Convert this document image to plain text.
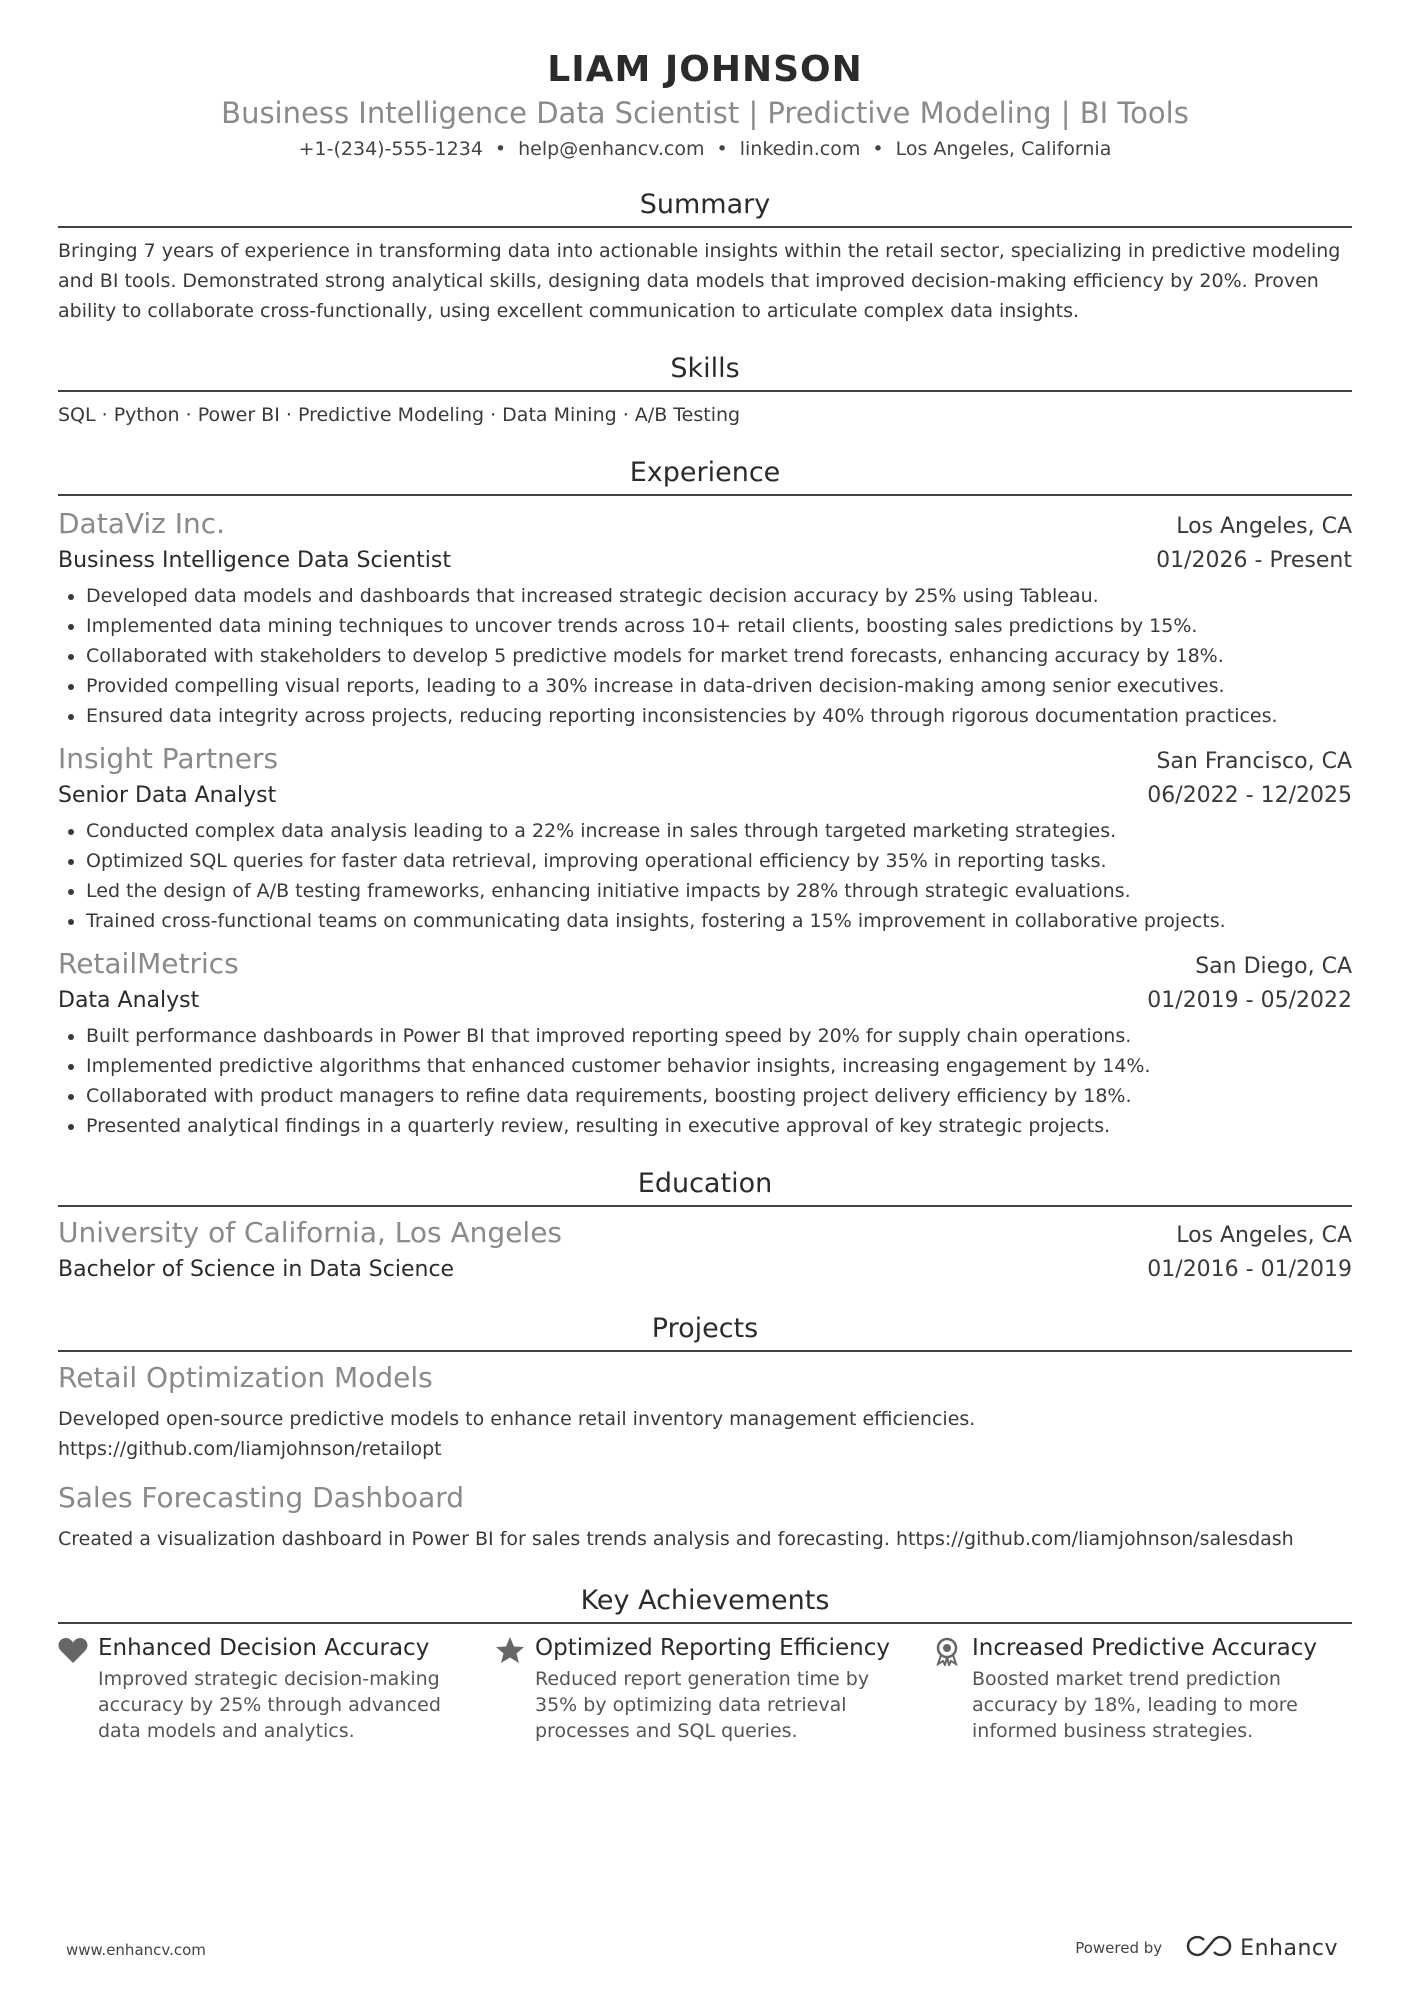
LIAM JOHNSON
Business Intelligence Data Scientist | Predictive Modeling | BI Tools
+1-(234)-555-1234 • help@enhancv.com • linkedin.com • Los Angeles, California
Summary
Bringing 7 years of experience in transforming data into actionable insights within the retail sector, specializing in predictive modeling and BI tools. Demonstrated strong analytical skills, designing data models that improved decision-making efficiency by 20%. Proven ability to collaborate cross-functionally, using excellent communication to articulate complex data insights.
Skills
SQL · Python · Power BI · Predictive Modeling · Data Mining · A/B Testing
Experience
DataViz Inc.	Los Angeles, CA
Business Intelligence Data Scientist	01/2026 - Present
• Developed data models and dashboards that increased strategic decision accuracy by 25% using Tableau.
• Implemented data mining techniques to uncover trends across 10+ retail clients, boosting sales predictions by 15%.
• Collaborated with stakeholders to develop 5 predictive models for market trend forecasts, enhancing accuracy by 18%.
• Provided compelling visual reports, leading to a 30% increase in data-driven decision-making among senior executives.
• Ensured data integrity across projects, reducing reporting inconsistencies by 40% through rigorous documentation practices.
Insight Partners	San Francisco, CA
Senior Data Analyst	06/2022 - 12/2025
• Conducted complex data analysis leading to a 22% increase in sales through targeted marketing strategies.
• Optimized SQL queries for faster data retrieval, improving operational efficiency by 35% in reporting tasks.
• Led the design of A/B testing frameworks, enhancing initiative impacts by 28% through strategic evaluations.
• Trained cross-functional teams on communicating data insights, fostering a 15% improvement in collaborative projects.
RetailMetrics	San Diego, CA
Data Analyst	01/2019 - 05/2022
• Built performance dashboards in Power BI that improved reporting speed by 20% for supply chain operations.
• Implemented predictive algorithms that enhanced customer behavior insights, increasing engagement by 14%.
• Collaborated with product managers to refine data requirements, boosting project delivery efficiency by 18%.
• Presented analytical findings in a quarterly review, resulting in executive approval of key strategic projects.
Education
University of California, Los Angeles	Los Angeles, CA
Bachelor of Science in Data Science	01/2016 - 01/2019
Projects
Retail Optimization Models
Developed open-source predictive models to enhance retail inventory management efficiencies. https://github.com/liamjohnson/retailopt
Sales Forecasting Dashboard
Created a visualization dashboard in Power BI for sales trends analysis and forecasting. https://github.com/liamjohnson/salesdash
Key Achievements
Enhanced Decision Accuracy
Improved strategic decision-making accuracy by 25% through advanced data models and analytics.
Optimized Reporting Efficiency
Reduced report generation time by 35% by optimizing data retrieval processes and SQL queries.
Increased Predictive Accuracy
Boosted market trend prediction accuracy by 18%, leading to more informed business strategies.
www.enhancv.com	Powered by	Enhancv
